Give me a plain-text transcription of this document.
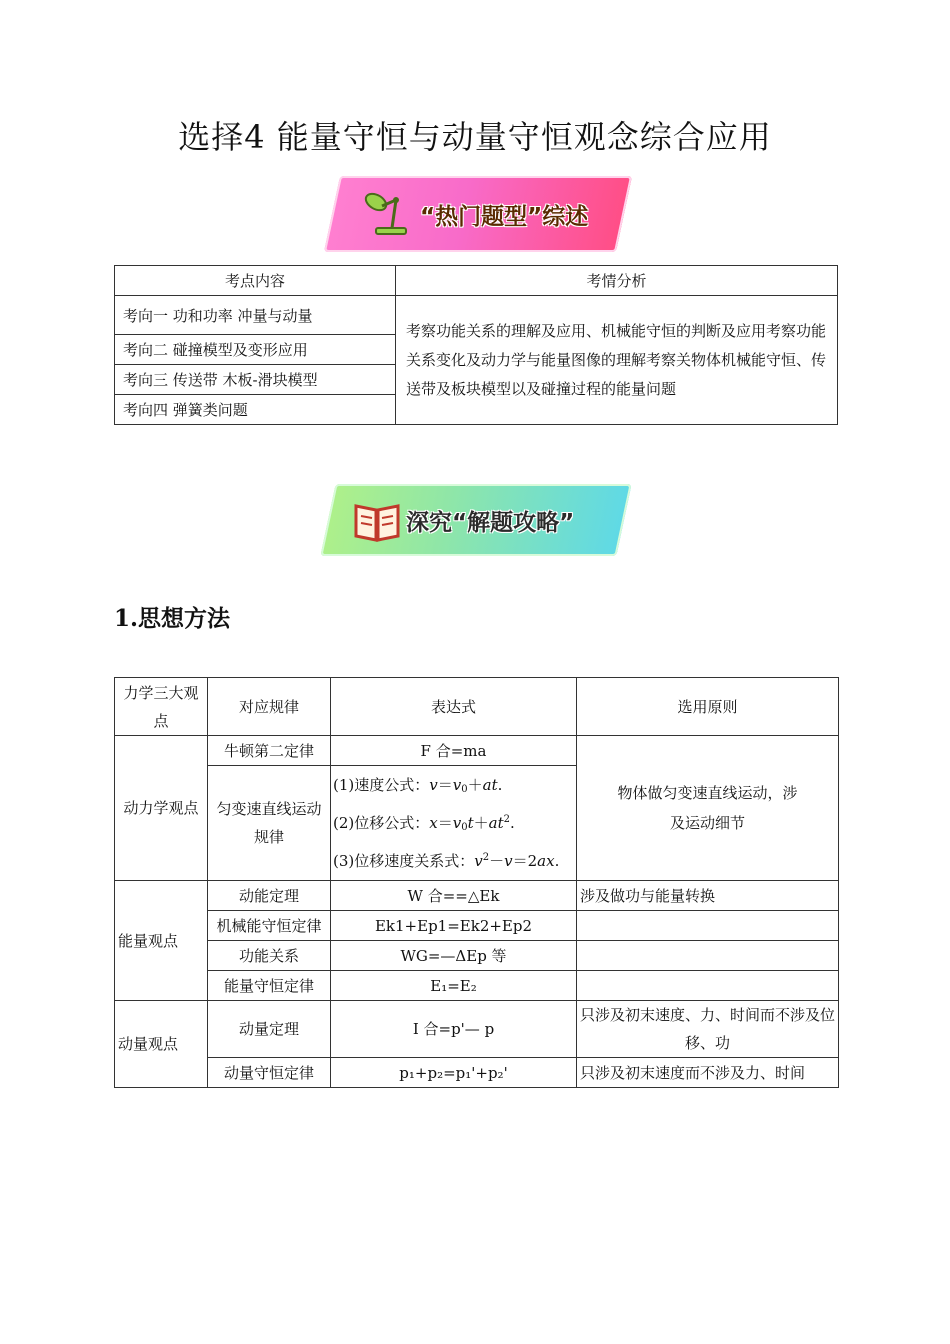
选择4 能量守恒与动量守恒观念综合应用
“热门题型”综述
考点内容	考情分析
考向一 功和功率 冲量与动量	考察功能关系的理解及应用、机械能守恒的判断及应用考察功能关系变化及动力学与能量图像的理解考察关物体机械能守恒、传送带及板块模型以及碰撞过程的能量问题
考向二 碰撞模型及变形应用	
考向三 传送带 木板-滑块模型	
考向四 弹簧类问题	
深究“解题攻略”
1.思想方法
力学三大观点	对应规律	表达式	选用原则
动力学观点	牛顿第二定律	F 合=ma	物体做匀变速直线运动，涉及运动细节
	匀变速直线运动规律	(1)速度公式：$v=v_0+at$.
(2)位移公式：$x=v_0t+at^2$.
(3)位移速度关系式：$v^2-v=2ax$.	

能量观点	动能定理	W 合==△Ek	涉及做功与能量转换
	机械能守恒定律	Ek1+Ep1=Ek2+Ep2	
	功能关系	WG=—ΔEp 等	
	能量守恒定律	E₁=E₂	
动量观点	动量定理	I 合=p'— p	只涉及初末速度、力、时间而不涉及位移、功
	动量守恒定律	p₁+p₂=p₁'+p₂'	只涉及初末速度而不涉及力、时间
